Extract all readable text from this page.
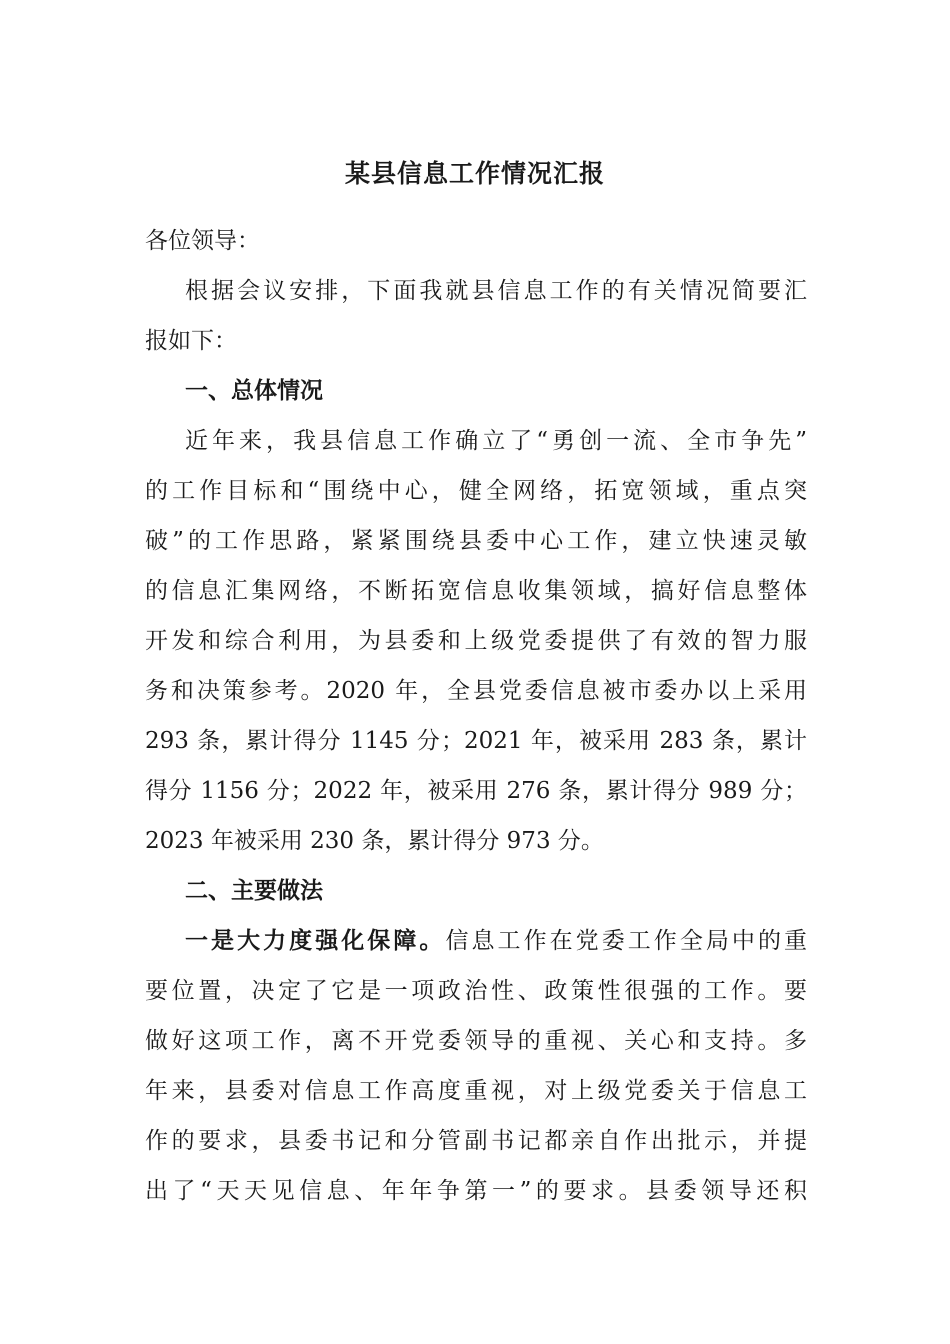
某县信息工作情况汇报
各位领导：
根据会议安排，下面我就县信息工作的有关情况简要汇
报如下：
一、总体情况
近年来，我县信息工作确立了“勇创一流、全市争先”
的工作目标和“围绕中心，健全网络，拓宽领域，重点突
破”的工作思路，紧紧围绕县委中心工作，建立快速灵敏
的信息汇集网络，不断拓宽信息收集领域，搞好信息整体
开发和综合利用，为县委和上级党委提供了有效的智力服
务和决策参考。2020 年，全县党委信息被市委办以上采用
293 条，累计得分 1145 分；2021 年，被采用 283 条，累计
得分 1156 分；2022 年，被采用 276 条，累计得分 989 分；
2023 年被采用 230 条，累计得分 973 分。
二、主要做法
一是大力度强化保障。信息工作在党委工作全局中的重
要位置，决定了它是一项政治性、政策性很强的工作。要
做好这项工作，离不开党委领导的重视、关心和支持。多
年来，县委对信息工作高度重视，对上级党委关于信息工
作的要求，县委书记和分管副书记都亲自作出批示，并提
出了“天天见信息、年年争第一”的要求。县委领导还积
